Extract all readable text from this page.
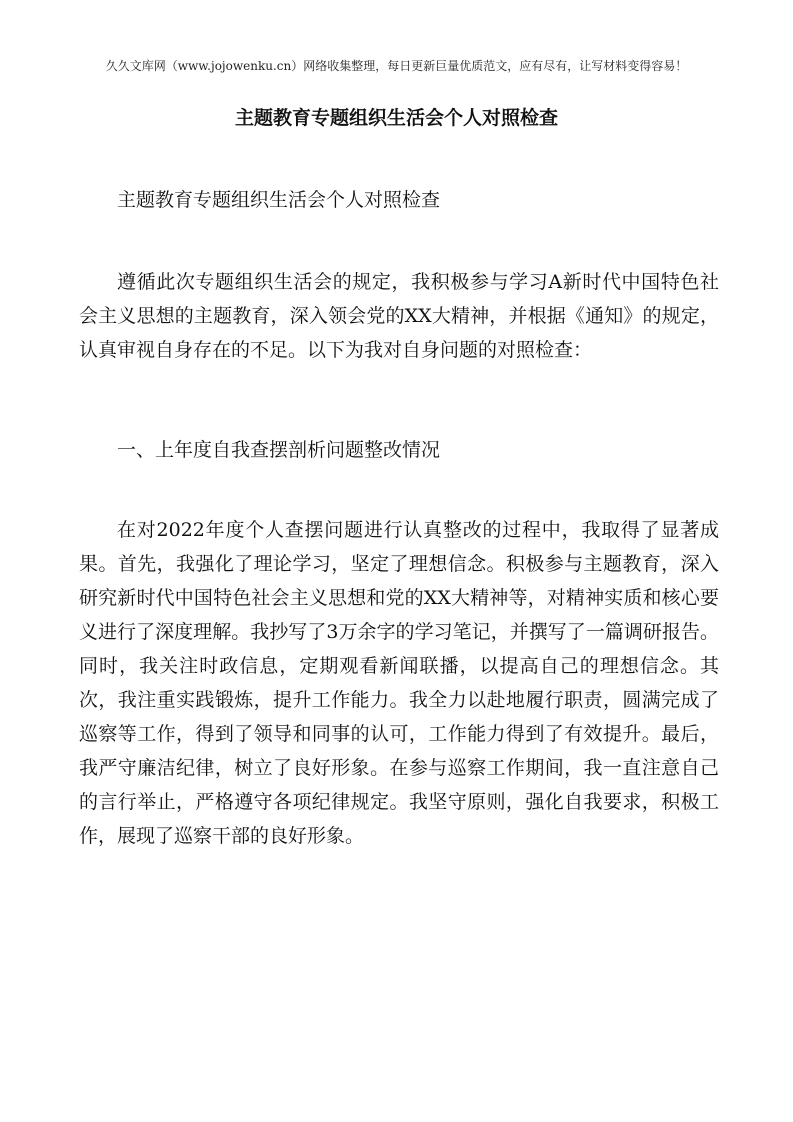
久久文库网（www.jojowenku.cn）网络收集整理，每日更新巨量优质范文，应有尽有，让写材料变得容易！
主题教育专题组织生活会个人对照检查

主题教育专题组织生活会个人对照检查

遵循此次专题组织生活会的规定，我积极参与学习A新时代中国特色社会主义思想的主题教育，深入领会党的XX大精神，并根据《通知》的规定，认真审视自身存在的不足。以下为我对自身问题的对照检查：

一、上年度自我查摆剖析问题整改情况

在对2022年度个人查摆问题进行认真整改的过程中，我取得了显著成果。首先，我强化了理论学习，坚定了理想信念。积极参与主题教育，深入研究新时代中国特色社会主义思想和党的XX大精神等，对精神实质和核心要义进行了深度理解。我抄写了3万余字的学习笔记，并撰写了一篇调研报告。同时，我关注时政信息，定期观看新闻联播，以提高自己的理想信念。其次，我注重实践锻炼，提升工作能力。我全力以赴地履行职责，圆满完成了巡察等工作，得到了领导和同事的认可，工作能力得到了有效提升。最后，我严守廉洁纪律，树立了良好形象。在参与巡察工作期间，我一直注意自己的言行举止，严格遵守各项纪律规定。我坚守原则，强化自我要求，积极工作，展现了巡察干部的良好形象。
